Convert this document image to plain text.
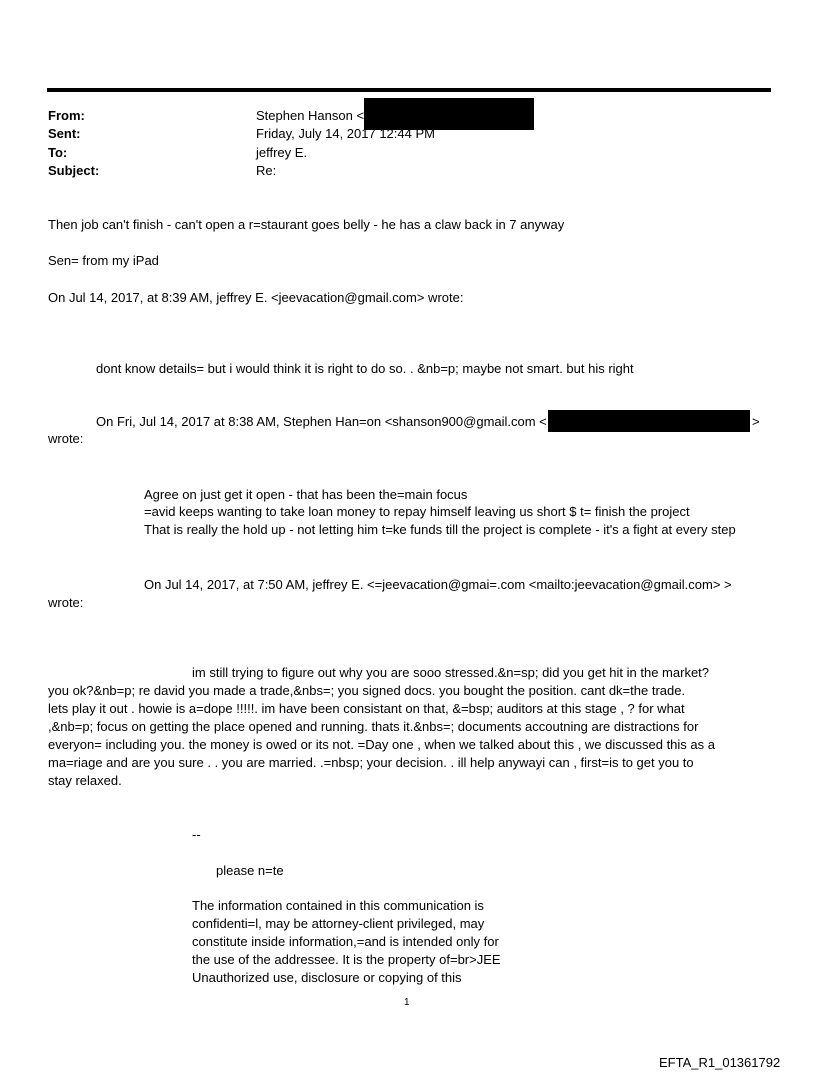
From:	Stephen Hanson <
Sent:	Friday, July 14, 2017 12:44 PM
To:	jeffrey E.
Subject:	Re:
Then job can't finish - can't open a r=staurant goes belly - he has a claw back in 7 anyway
Sen= from my iPad
On Jul 14, 2017, at 8:39 AM, jeffrey E. <jeevacation@gmail.com> wrote:
dont know details= but i would think it is right to do so. . &nb=p; maybe not smart. but his right
On Fri, Jul 14, 2017 at 8:38 AM, Stephen Han=on <shanson900@gmail.com <	>
wrote:
Agree on just get it open - that has been the=main focus
=avid keeps wanting to take loan money to repay himself leaving us short $ t= finish the project
That is really the hold up - not letting him t=ke funds till the project is complete - it's a fight at every step
On Jul 14, 2017, at 7:50 AM, jeffrey E. <=jeevacation@gmai=.com <mailto:jeevacation@gmail.com> >
wrote:
im still trying to figure out why you are sooo stressed.&n=sp; did you get hit in the market?
you ok?&nb=p; re david you made a trade,&nbs=; you signed docs. you bought the position. cant dk=the trade.
lets play it out . howie is a=dope !!!!!. im have been consistant on that, &=bsp; auditors at this stage , ? for what
,&nb=p; focus on getting the place opened and running. thats it.&nbs=; documents accoutning are distractions for
everyon= including you. the money is owed or its not. =Day one , when we talked about this , we discussed this as a
ma=riage and are you sure . . you are married. .=nbsp; your decision. . ill help anywayi can , first=is to get you to
stay relaxed.
--
please n=te
The information contained in this communication is
confidenti=l, may be attorney-client privileged, may
constitute inside information,=and is intended only for
the use of the addressee. It is the property of=br>JEE
Unauthorized use, disclosure or copying of this
1
EFTA_R1_01361792
